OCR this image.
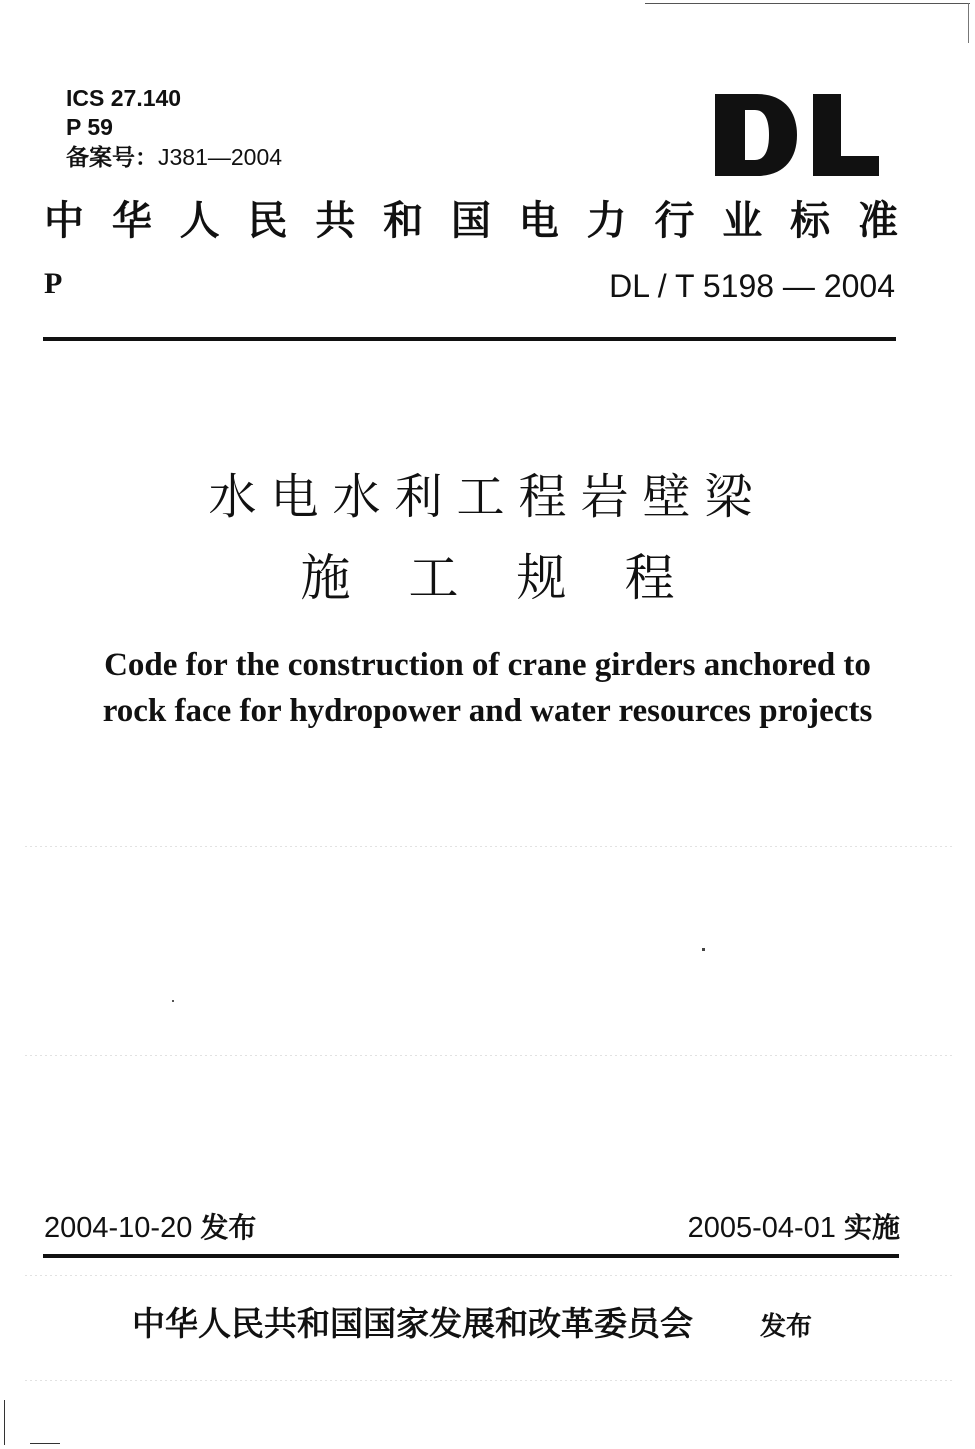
ICS 27.140
P 59
备案号：J381—2004
中 华 人 民 共 和 国 电 力 行 业 标 准
P	DL / T 5198 — 2004
水电水利工程岩壁梁
施工规程
Code for the construction of crane girders anchored to
rock face for hydropower and water resources projects
2004-10-20 发布	2005-04-01 实施
中华人民共和国国家发展和改革委员会	发布
